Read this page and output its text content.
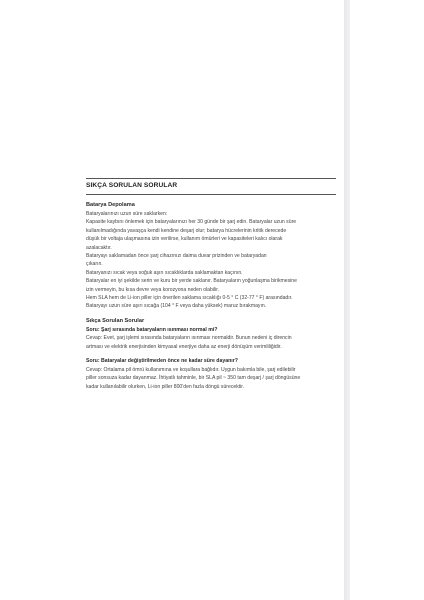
SIKÇA SORULAN SORULAR
Batarya Depolama

Bataryalarınızı uzun süre saklarken:

Kapasite kaybını önlemek için bataryalarınızı her 30 günde bir şarj edin. Bataryalar uzun süre

kullanılmadığında yavaşça kendi kendine deşarj olur; batarya hücrelerinin kritik derecede

düşük bir voltaja ulaşmasına izin verilirse, kullanım ömürleri ve kapasiteleri kalıcı olarak

azalacaktır.

Bataryayı saklamadan önce şarj cihazınızı daima duvar prizinden ve bataryadan

çıkarın.

Bataryanızı sıcak veya soğuk aşırı sıcaklıklarda saklamaktan kaçının.

Bataryalar en iyi şekilde serin ve kuru bir yerde saklanır. Bataryaların yoğunlaşma birikmesine

izin vermeyin, bu kısa devre veya korozyona neden olabilir.

Hem SLA hem de Li-ion piller için önerilen saklama sıcaklığı 0-5 ° C (32-77 ° F) arasındadır.

Bataryayı uzun süre aşırı sıcağa (104 ° F veya daha yüksek) maruz bırakmayın.

Sıkça Sorulan Sorular
Soru: Şarj sırasında bataryaların ısınması normal mi?

Cevap: Evet, şarj işlemi sırasında bataryaların ısınması normaldir. Bunun nedeni iç direncin

artması ve elektrik enerjisinden kimyasal enerjiye daha az enerji dönüşüm verimliliğidir.

Soru: Bataryalar değiştirilmeden önce ne kadar süre dayanır?

Cevap: Ortalama pil ömrü kullanımına ve koşullara bağlıdır. Uygun bakımla bile, şarj edilebilir

piller sonsuza kadar dayanmaz. İhtiyatlı tahminle, bir SLA pil ~ 350 tam deşarj / şarj döngüsüne

kadar kullanılabilir olurken, Li-ion piller 800'den fazla döngü sürecektir.
